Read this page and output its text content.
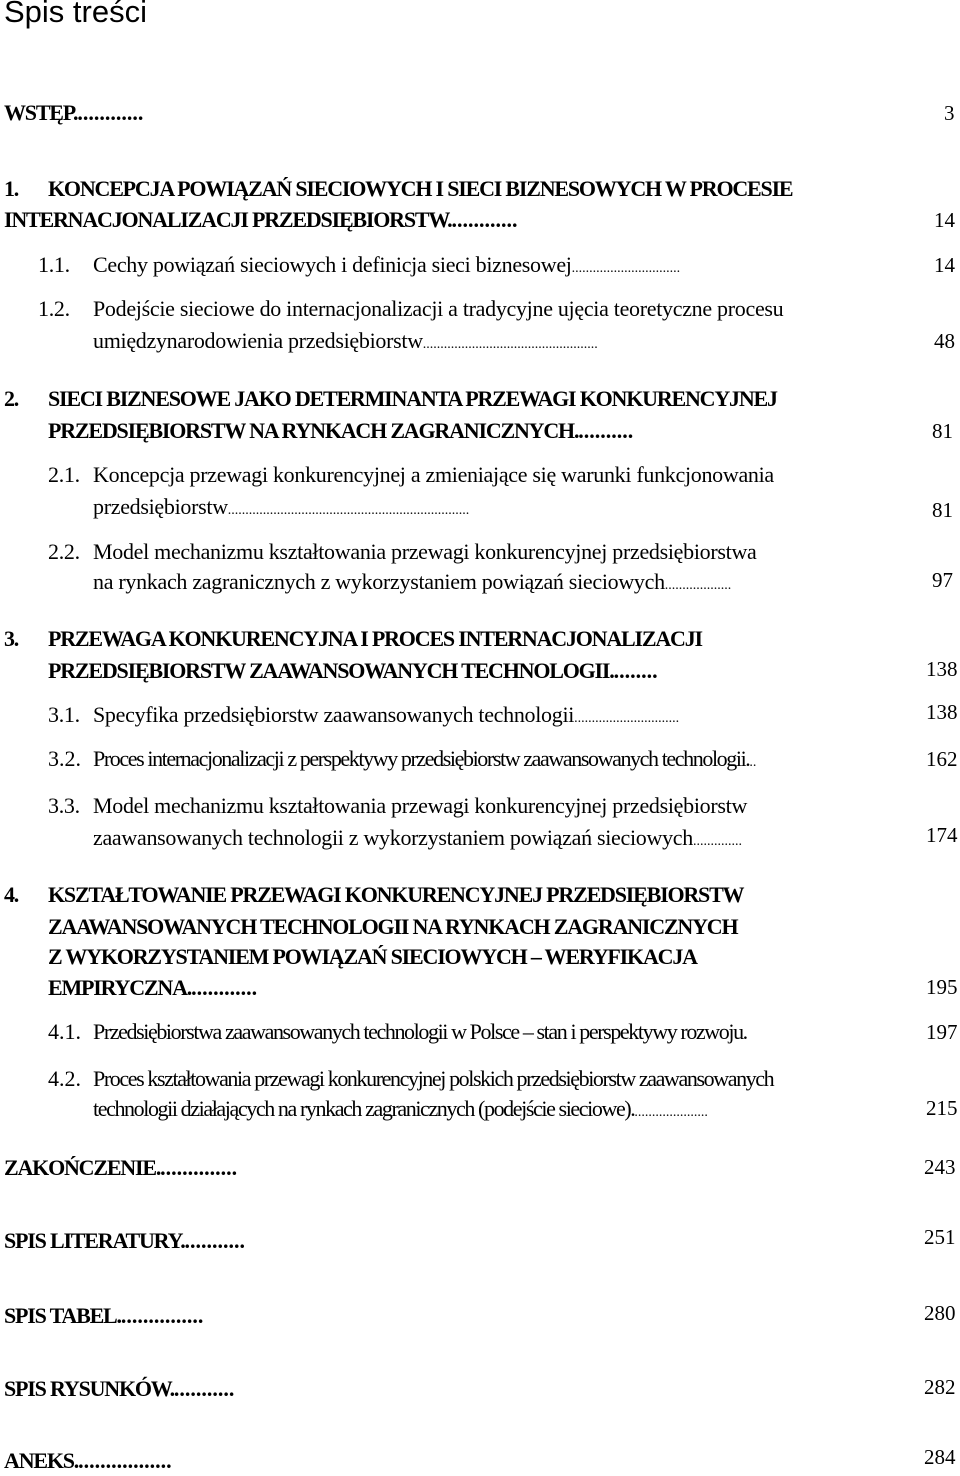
Spis treści
WSTĘP.............	3
1. KONCEPCJA POWIĄZAŃ SIECIOWYCH I SIECI BIZNESOWYCH W PROCESIE
INTERNACJONALIZACJI PRZEDSIĘBIORSTW.............	14
1.1. Cechy powiązań sieciowych i definicja sieci biznesowej...............................	14
1.2. Podejście sieciowe do internacjonalizacji a tradycyjne ujęcia teoretyczne procesu
umiędzynarodowienia przedsiębiorstw..................................................	48
2. SIECI BIZNESOWE JAKO DETERMINANTA PRZEWAGI KONKURENCYJNEJ
PRZEDSIĘBIORSTW NA RYNKACH ZAGRANICZNYCH...........	81
2.1. Koncepcja przewagi konkurencyjnej a zmieniające się warunki funkcjonowania
przedsiębiorstw.....................................................................	81
2.2. Model mechanizmu kształtowania przewagi konkurencyjnej przedsiębiorstwa
na rynkach zagranicznych z wykorzystaniem powiązań sieciowych...................	97
3. PRZEWAGA KONKURENCYJNA I PROCES INTERNACJONALIZACJI
PRZEDSIĘBIORSTW ZAAWANSOWANYCH TECHNOLOGII.........	138
3.1. Specyfika przedsiębiorstw zaawansowanych technologii..............................	138
3.2. Proces internacjonalizacji z perspektywy przedsiębiorstw zaawansowanych technologii...	162
3.3. Model mechanizmu kształtowania przewagi konkurencyjnej przedsiębiorstw
zaawansowanych technologii z wykorzystaniem powiązań sieciowych..............	174
4. KSZTAŁTOWANIE PRZEWAGI KONKURENCYJNEJ PRZEDSIĘBIORSTW
ZAAWANSOWANYCH TECHNOLOGII NA RYNKACH ZAGRANICZNYCH
Z WYKORZYSTANIEM POWIĄZAŃ SIECIOWYCH – WERYFIKACJA
EMPIRYCZNA.............	195
4.1. Przedsiębiorstwa zaawansowanych technologii w Polsce – stan i perspektywy rozwoju.	197
4.2. Proces kształtowania przewagi konkurencyjnej polskich przedsiębiorstw zaawansowanych
technologii działających na rynkach zagranicznych (podejście sieciowe)......................	215
ZAKOŃCZENIE...............	243
SPIS LITERATURY............	251
SPIS TABEL................	280
SPIS RYSUNKÓW............	282
ANEKS..................	284
